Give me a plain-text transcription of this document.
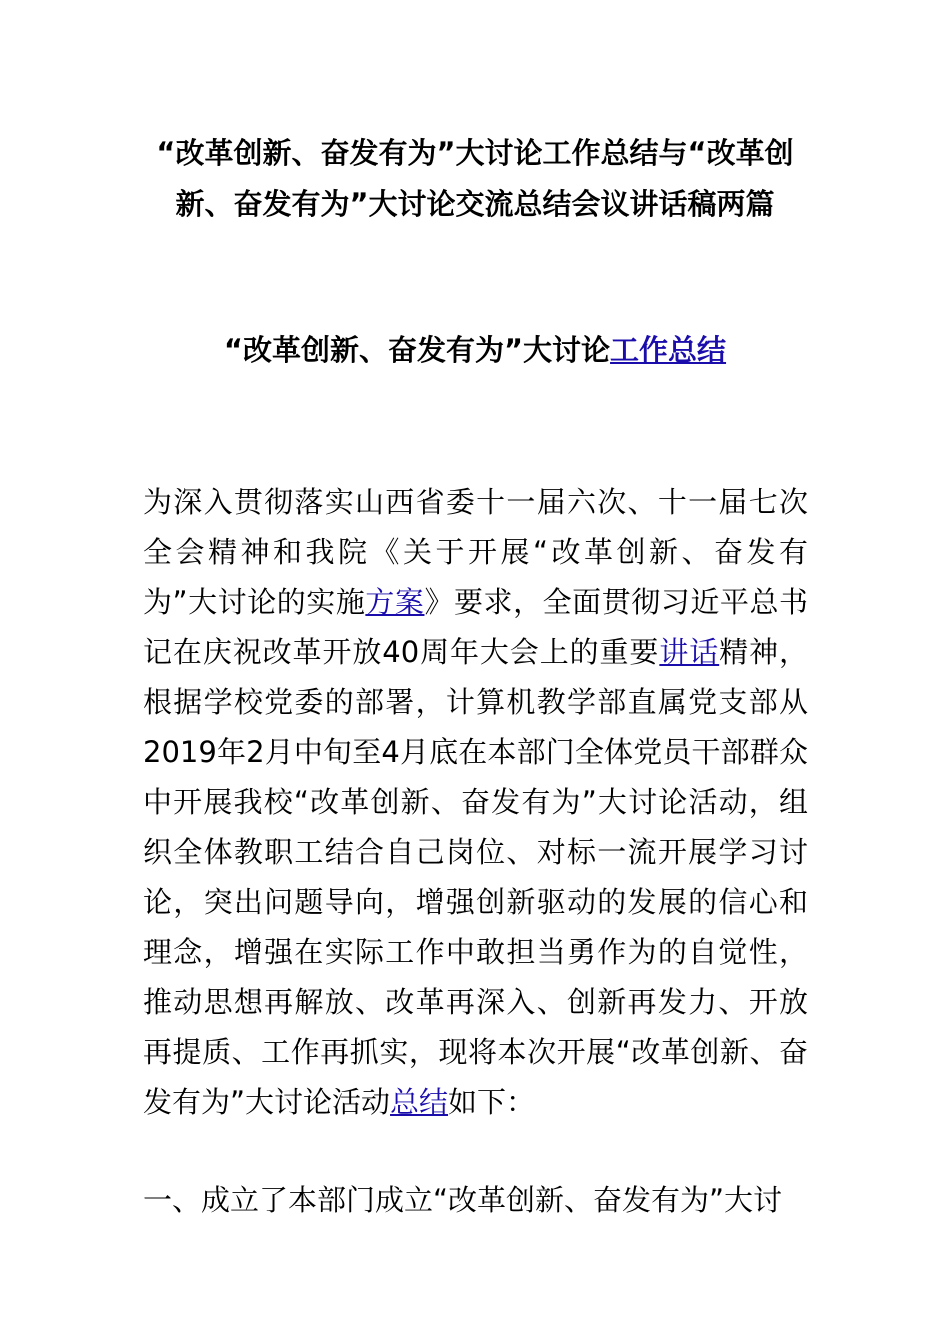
“改革创新、奋发有为”大讨论工作总结与“改革创新、奋发有为”大讨论交流总结会议讲话稿两篇
“改革创新、奋发有为”大讨论工作总结

为深入贯彻落实山西省委十一届六次、十一届七次全会精神和我院《关于开展“改革创新、奋发有为”大讨论的实施方案》要求，全面贯彻习近平总书记在庆祝改革开放40周年大会上的重要讲话精神，根据学校党委的部署，计算机教学部直属党支部从2019年2月中旬至4月底在本部门全体党员干部群众中开展我校“改革创新、奋发有为”大讨论活动，组织全体教职工结合自己岗位、对标一流开展学习讨论，突出问题导向，增强创新驱动的发展的信心和理念，增强在实际工作中敢担当勇作为的自觉性，推动思想再解放、改革再深入、创新再发力、开放再提质、工作再抓实，现将本次开展“改革创新、奋发有为”大讨论活动总结如下：

一、成立了本部门成立“改革创新、奋发有为”大讨
